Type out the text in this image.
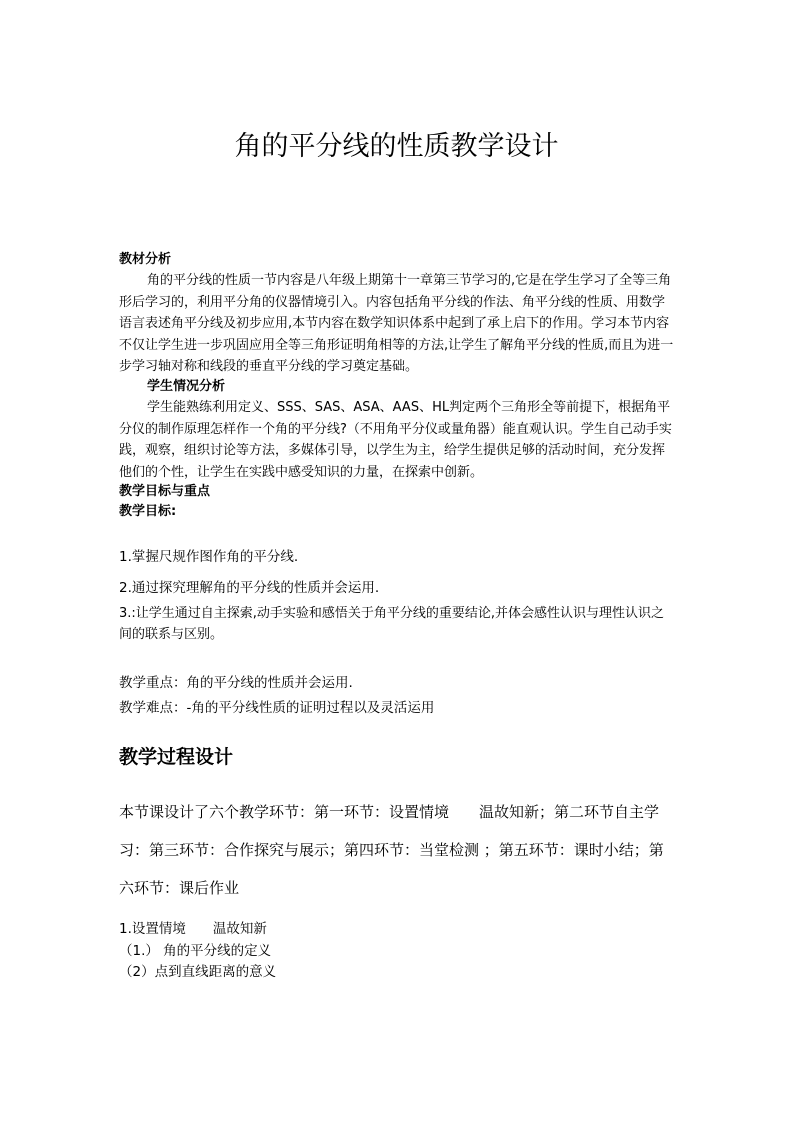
角的平分线的性质教学设计

教材分析

角的平分线的性质一节内容是八年级上期第十一章第三节学习的,它是在学生学习了全等三角形后学习的，利用平分角的仪器情境引入。内容包括角平分线的作法、角平分线的性质、用数学语言表述角平分线及初步应用,本节内容在数学知识体系中起到了承上启下的作用。学习本节内容不仅让学生进一步巩固应用全等三角形证明角相等的方法,让学生了解角平分线的性质,而且为进一步学习轴对称和线段的垂直平分线的学习奠定基础。

学生情况分析

学生能熟练利用定义、SSS、SAS、ASA、AAS、HL判定两个三角形全等前提下，根据角平分仪的制作原理怎样作一个角的平分线?（不用角平分仪或量角器）能直观认识。学生自己动手实践，观察，组织讨论等方法，多媒体引导，以学生为主，给学生提供足够的活动时间，充分发挥他们的个性，让学生在实践中感受知识的力量，在探索中创新。

教学目标与重点

教学目标:

1.掌握尺规作图作角的平分线.

2.通过探究理解角的平分线的性质并会运用.

3.:让学生通过自主探索,动手实验和感悟关于角平分线的重要结论,并体会感性认识与理性认识之间的联系与区别。

教学重点：角的平分线的性质并会运用.

教学难点：-角的平分线性质的证明过程以及灵活运用

教学过程设计

本节课设计了六个教学环节：第一环节：设置情境　　温故知新；第二环节自主学习：第三环节：合作探究与展示；第四环节：当堂检测 ；第五环节：课时小结；第六环节：课后作业

1.设置情境　　温故知新

（1.） 角的平分线的定义

（2）点到直线距离的意义
